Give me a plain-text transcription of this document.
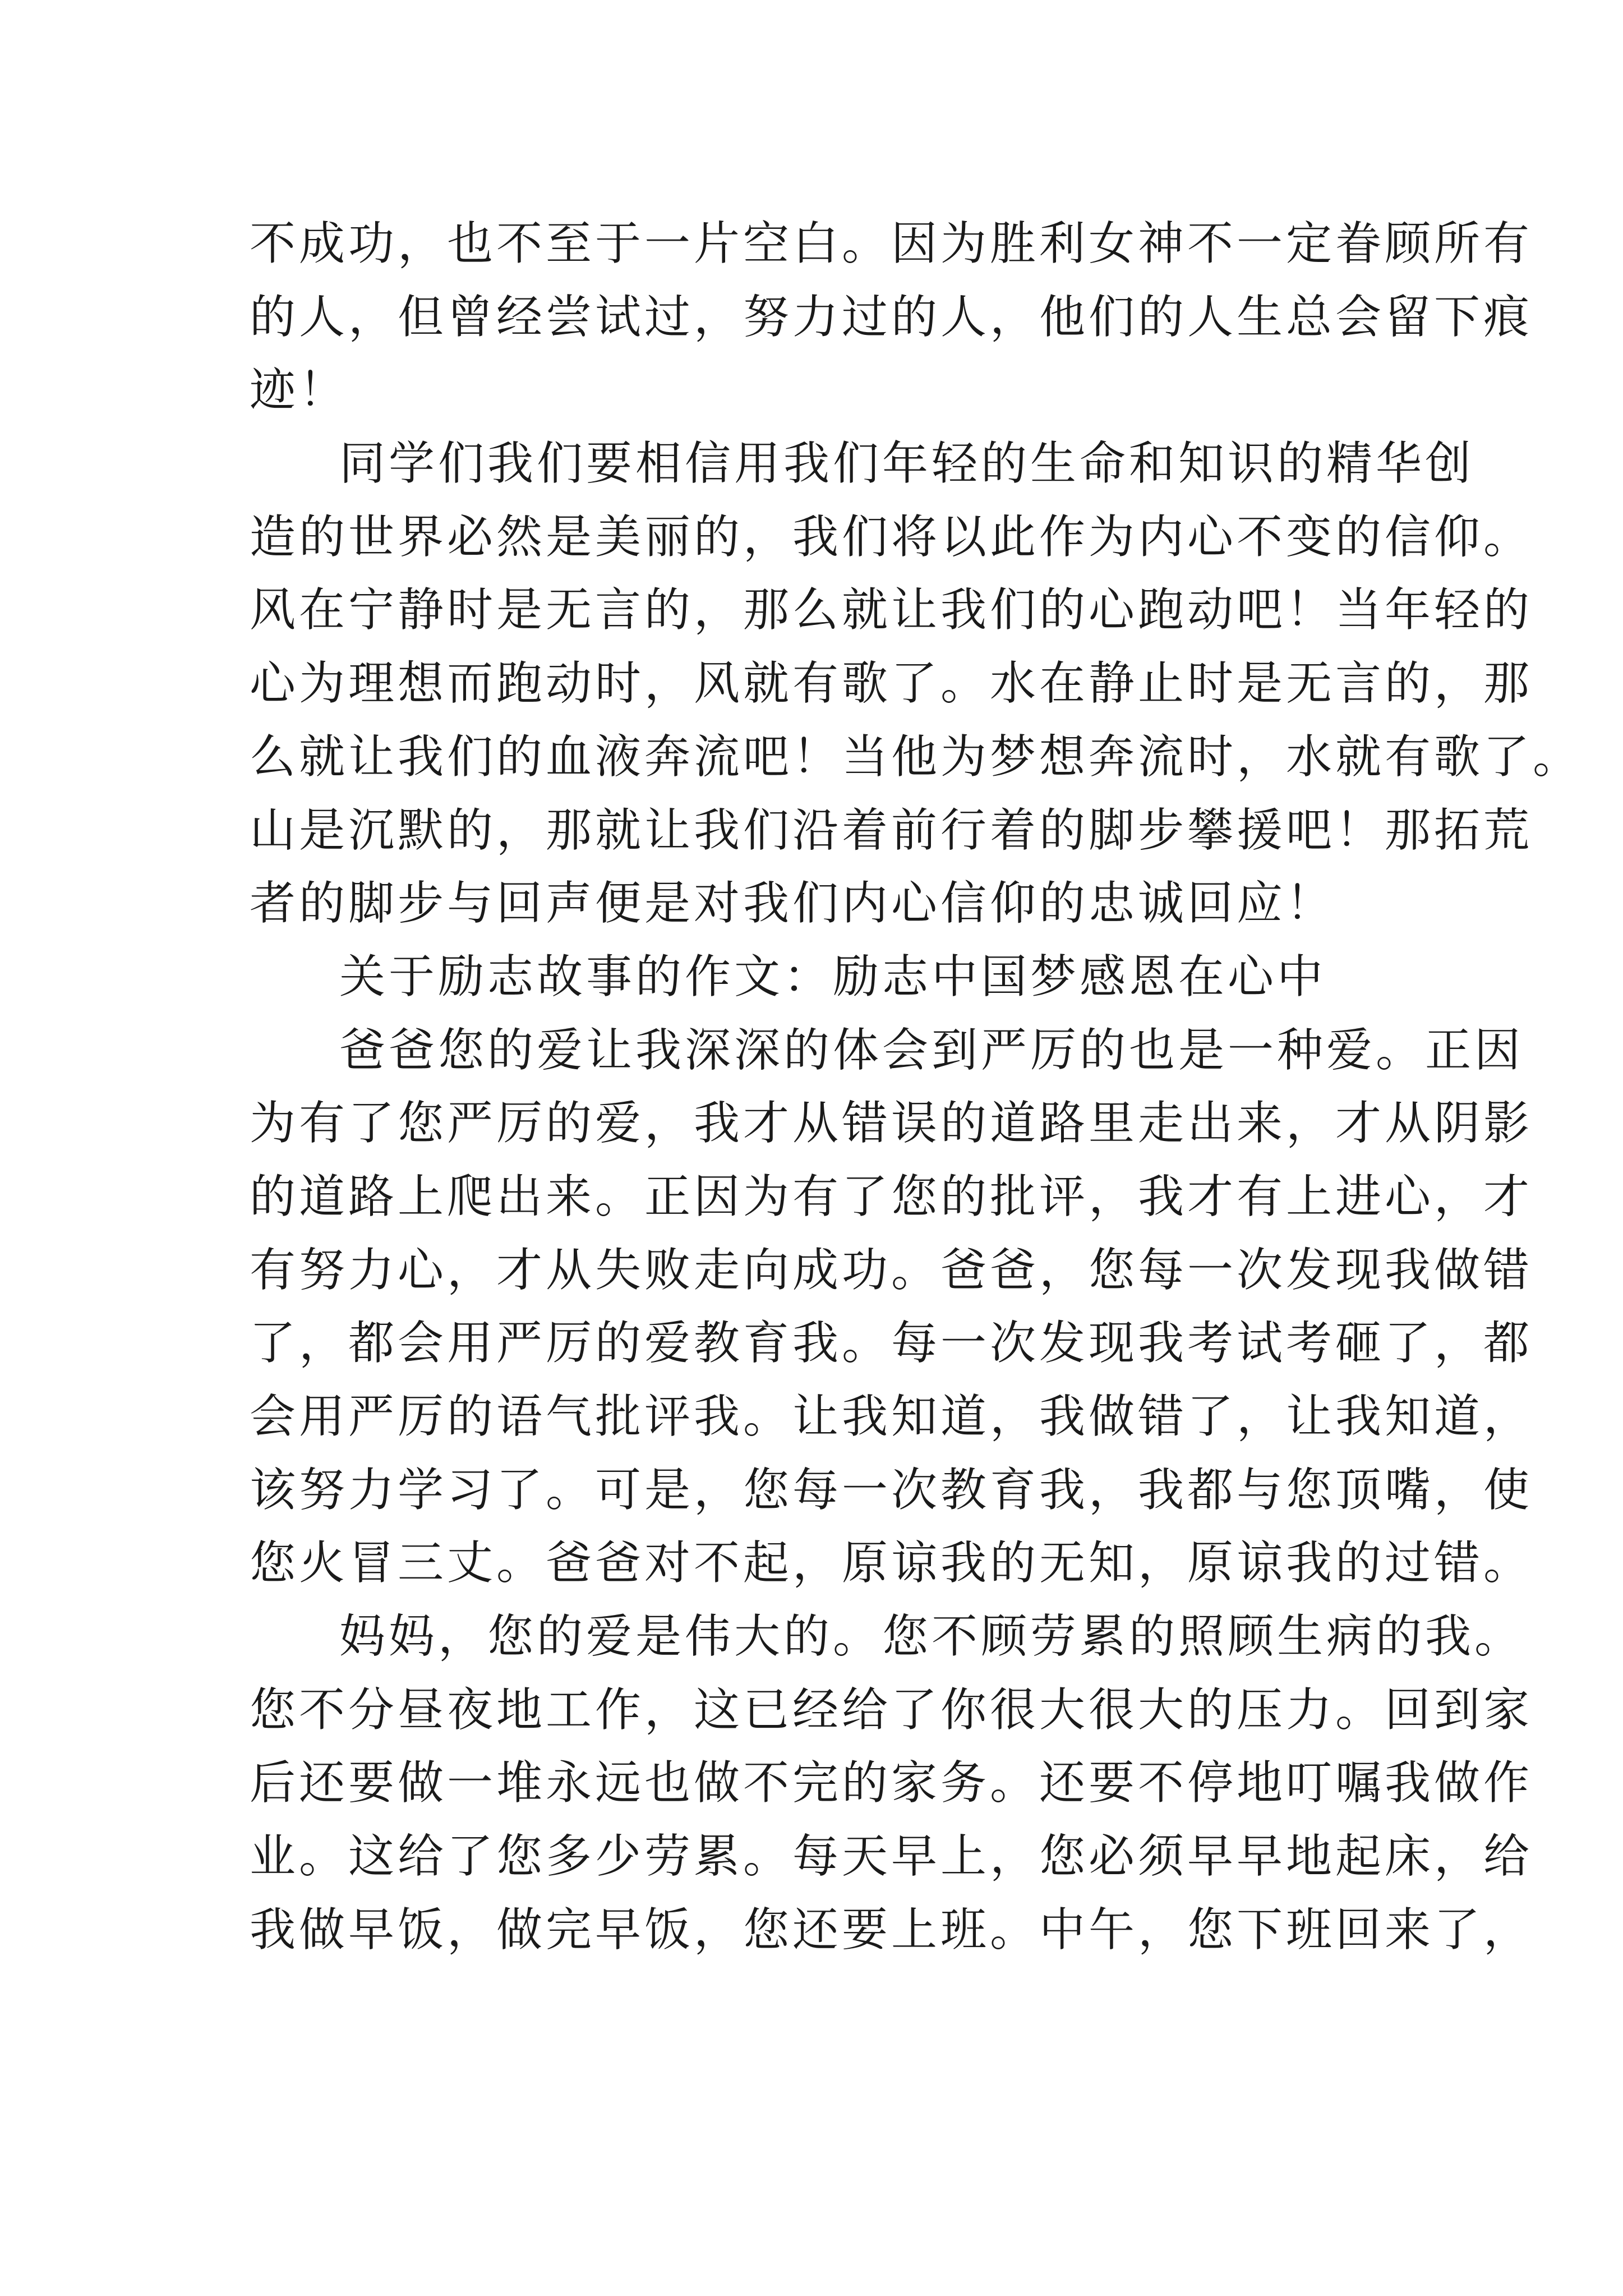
不成功，也不至于一片空白。因为胜利女神不一定眷顾所有
的人，但曾经尝试过，努力过的人，他们的人生总会留下痕
迹！
同学们我们要相信用我们年轻的生命和知识的精华创
造的世界必然是美丽的，我们将以此作为内心不变的信仰。
风在宁静时是无言的，那么就让我们的心跑动吧！当年轻的
心为理想而跑动时，风就有歌了。水在静止时是无言的，那
么就让我们的血液奔流吧！当他为梦想奔流时，水就有歌了。
山是沉默的，那就让我们沿着前行着的脚步攀援吧！那拓荒
者的脚步与回声便是对我们内心信仰的忠诚回应！
关于励志故事的作文：励志中国梦感恩在心中
爸爸您的爱让我深深的体会到严厉的也是一种爱。正因
为有了您严厉的爱，我才从错误的道路里走出来，才从阴影
的道路上爬出来。正因为有了您的批评，我才有上进心，才
有努力心，才从失败走向成功。爸爸，您每一次发现我做错
了，都会用严厉的爱教育我。每一次发现我考试考砸了，都
会用严厉的语气批评我。让我知道，我做错了，让我知道，
该努力学习了。可是，您每一次教育我，我都与您顶嘴，使
您火冒三丈。爸爸对不起，原谅我的无知，原谅我的过错。
妈妈，您的爱是伟大的。您不顾劳累的照顾生病的我。
您不分昼夜地工作，这已经给了你很大很大的压力。回到家
后还要做一堆永远也做不完的家务。还要不停地叮嘱我做作
业。这给了您多少劳累。每天早上，您必须早早地起床，给
我做早饭，做完早饭，您还要上班。中午，您下班回来了，
